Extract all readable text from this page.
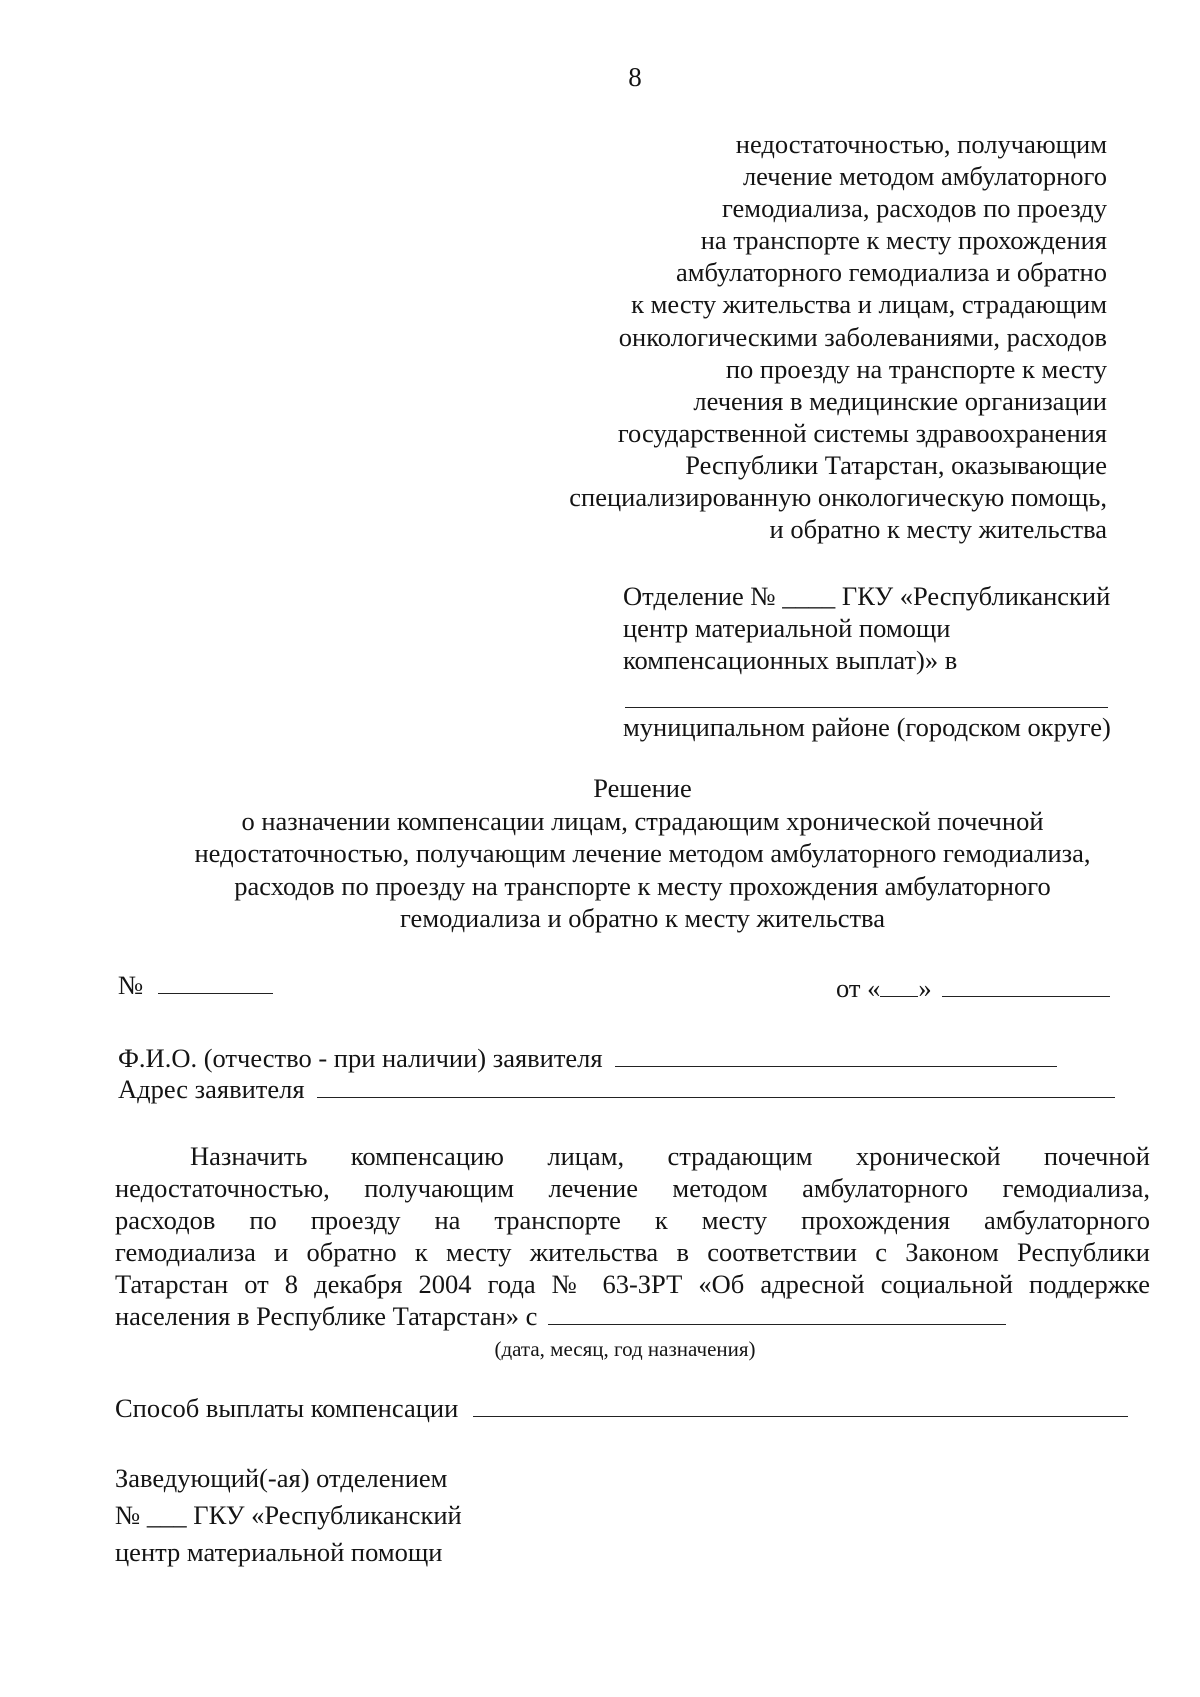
8
недостаточностью, получающим
лечение методом амбулаторного
гемодиализа, расходов по проезду
на транспорте к месту прохождения
амбулаторного гемодиализа и обратно
к месту жительства и лицам, страдающим
онкологическими заболеваниями, расходов
по проезду на транспорте к месту
лечения в медицинские организации
государственной системы здравоохранения
Республики Татарстан, оказывающие
специализированную онкологическую помощь,
и обратно к месту жительства
Отделение № ____ ГКУ «Республиканский
центр материальной помощи
компенсационных выплат)» в
муниципальном районе (городском округе)
Решение
о назначении компенсации лицам, страдающим хронической почечной
недостаточностью, получающим лечение методом амбулаторного гемодиализа,
расходов по проезду на транспорте к месту прохождения амбулаторного
гемодиализа и обратно к месту жительства
№	от « »
Ф.И.О. (отчество - при наличии) заявителя
Адрес заявителя
Назначить компенсацию лицам, страдающим хронической почечной
недостаточностью, получающим лечение методом амбулаторного гемодиализа,
расходов по проезду на транспорте к месту прохождения амбулаторного
гемодиализа и обратно к месту жительства в соответствии с Законом Республики
Татарстан от 8 декабря 2004 года № 63-ЗРТ «Об адресной социальной поддержке
населения в Республике Татарстан» с
(дата, месяц, год назначения)
Способ выплаты компенсации
Заведующий(-ая) отделением
№ ___ ГКУ «Республиканский
центр материальной помощи
